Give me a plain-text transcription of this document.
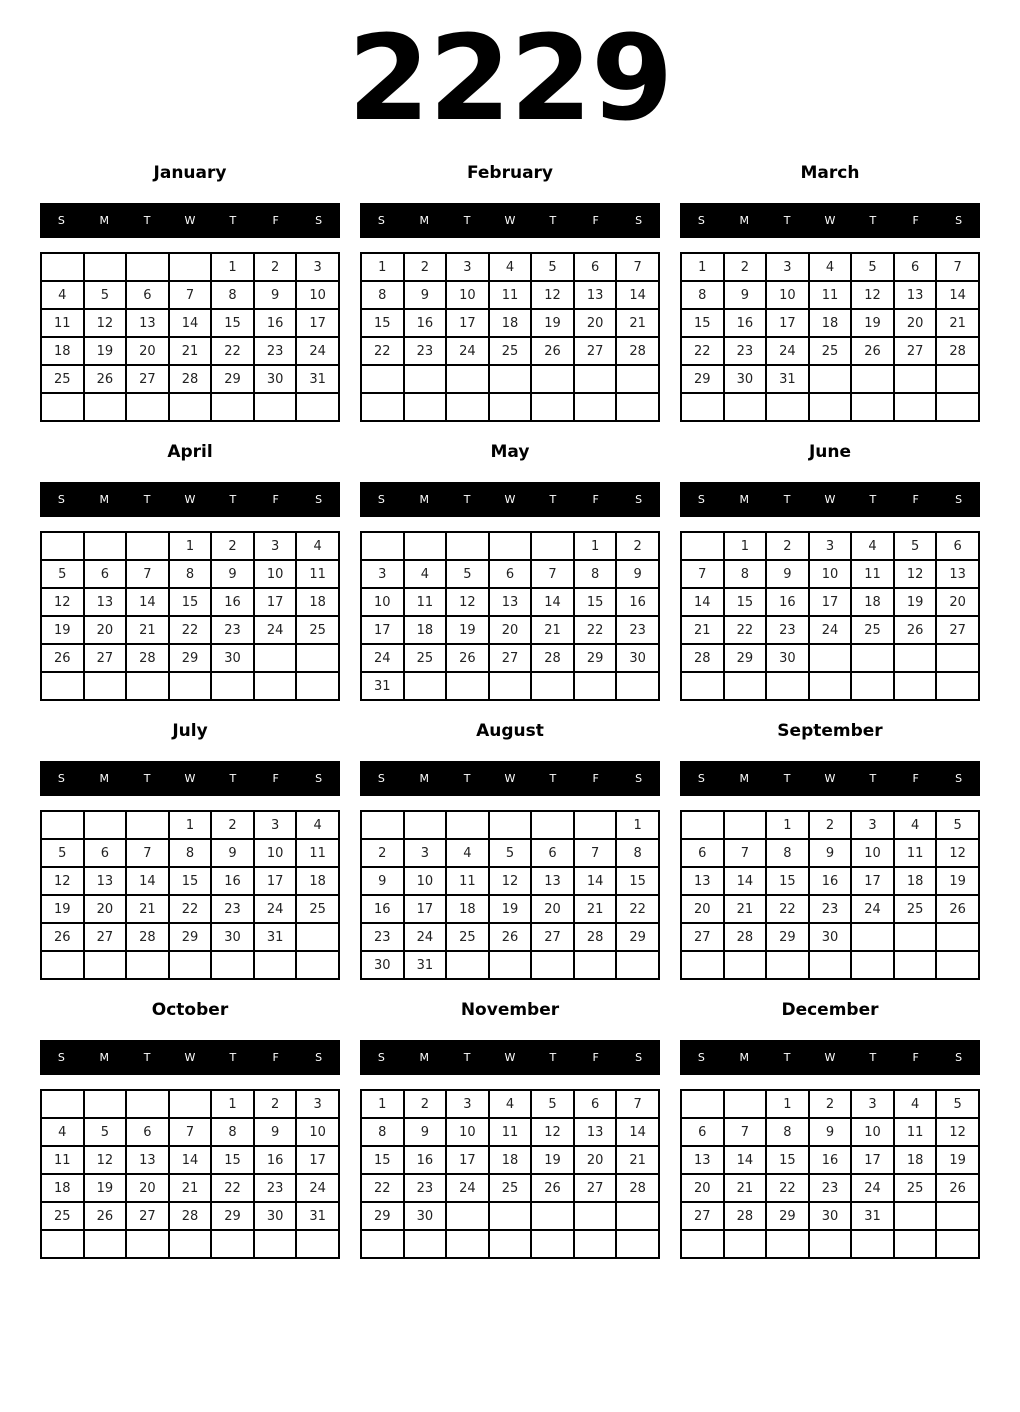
2229
January
S	M	T	W	T	F	S
				1	2	3
4	5	6	7	8	9	10
11	12	13	14	15	16	17
18	19	20	21	22	23	24
25	26	27	28	29	30	31

February
S	M	T	W	T	F	S
1	2	3	4	5	6	7
8	9	10	11	12	13	14
15	16	17	18	19	20	21
22	23	24	25	26	27	28

March
S	M	T	W	T	F	S
1	2	3	4	5	6	7
8	9	10	11	12	13	14
15	16	17	18	19	20	21
22	23	24	25	26	27	28
29	30	31				

April
S	M	T	W	T	F	S
			1	2	3	4
5	6	7	8	9	10	11
12	13	14	15	16	17	18
19	20	21	22	23	24	25
26	27	28	29	30		

May
S	M	T	W	T	F	S
					1	2
3	4	5	6	7	8	9
10	11	12	13	14	15	16
17	18	19	20	21	22	23
24	25	26	27	28	29	30
31						
June
S	M	T	W	T	F	S
	1	2	3	4	5	6
7	8	9	10	11	12	13
14	15	16	17	18	19	20
21	22	23	24	25	26	27
28	29	30				

July
S	M	T	W	T	F	S
			1	2	3	4
5	6	7	8	9	10	11
12	13	14	15	16	17	18
19	20	21	22	23	24	25
26	27	28	29	30	31	

August
S	M	T	W	T	F	S
						1
2	3	4	5	6	7	8
9	10	11	12	13	14	15
16	17	18	19	20	21	22
23	24	25	26	27	28	29
30	31					
September
S	M	T	W	T	F	S
		1	2	3	4	5
6	7	8	9	10	11	12
13	14	15	16	17	18	19
20	21	22	23	24	25	26
27	28	29	30			

October
S	M	T	W	T	F	S
				1	2	3
4	5	6	7	8	9	10
11	12	13	14	15	16	17
18	19	20	21	22	23	24
25	26	27	28	29	30	31

November
S	M	T	W	T	F	S
1	2	3	4	5	6	7
8	9	10	11	12	13	14
15	16	17	18	19	20	21
22	23	24	25	26	27	28
29	30					

December
S	M	T	W	T	F	S
		1	2	3	4	5
6	7	8	9	10	11	12
13	14	15	16	17	18	19
20	21	22	23	24	25	26
27	28	29	30	31		
